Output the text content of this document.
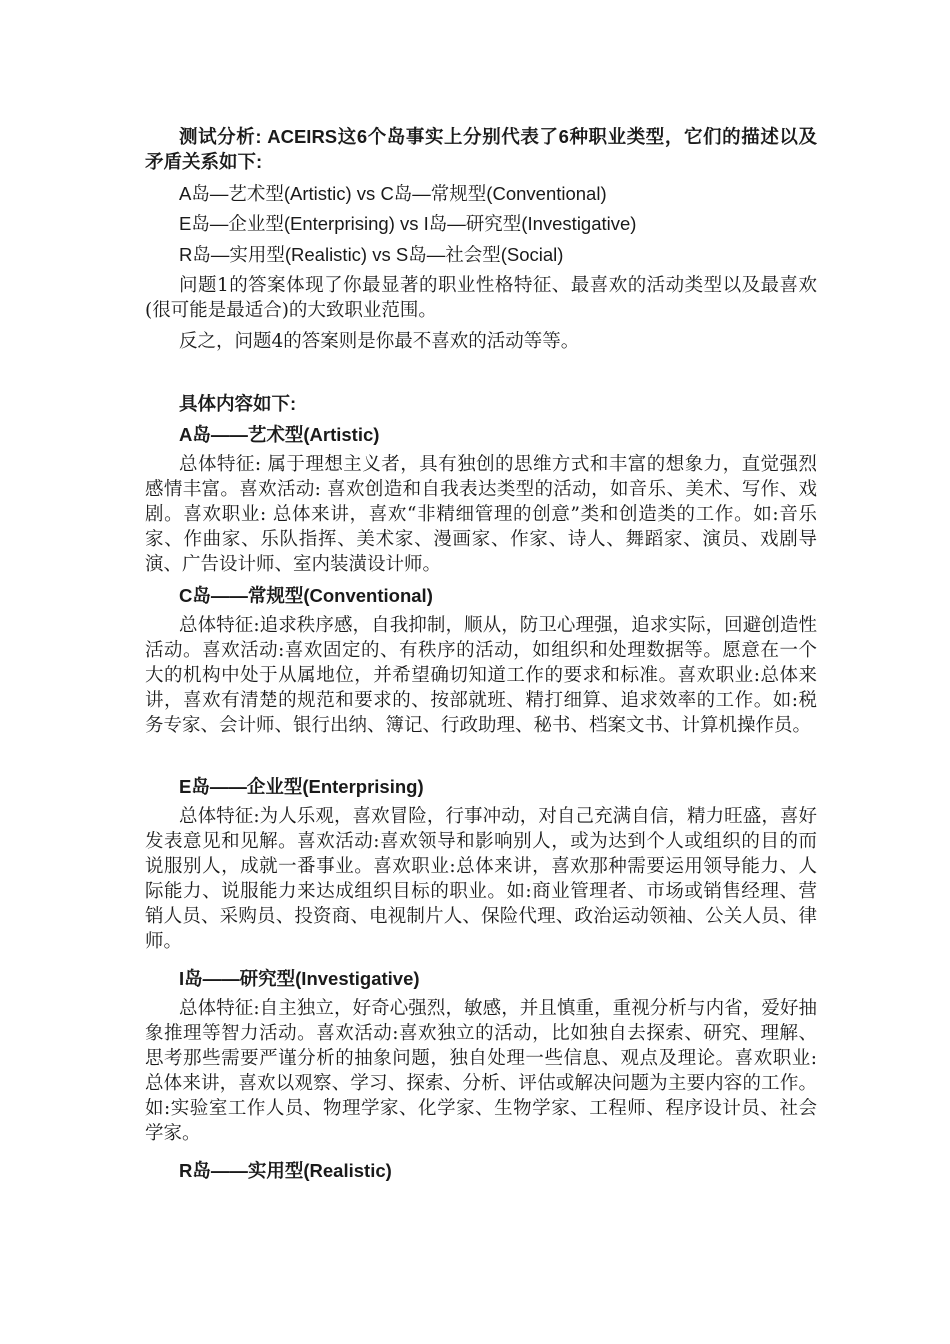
测试分析: ACEIRS这6个岛事实上分别代表了6种职业类型，它们的描述以及矛盾关系如下:

A岛—艺术型(Artistic) vs C岛—常规型(Conventional)

E岛—企业型(Enterprising) vs I岛—研究型(Investigative)

R岛—实用型(Realistic) vs S岛—社会型(Social)

问题1的答案体现了你最显著的职业性格特征、最喜欢的活动类型以及最喜欢(很可能是最适合)的大致职业范围。

反之，问题4的答案则是你最不喜欢的活动等等。

具体内容如下:

A岛——艺术型(Artistic)

总体特征: 属于理想主义者，具有独创的思维方式和丰富的想象力，直觉强烈感情丰富。喜欢活动: 喜欢创造和自我表达类型的活动，如音乐、美术、写作、戏剧。喜欢职业: 总体来讲，喜欢“非精细管理的创意”类和创造类的工作。如:音乐家、作曲家、乐队指挥、美术家、漫画家、作家、诗人、舞蹈家、演员、戏剧导演、广告设计师、室内装潢设计师。

C岛——常规型(Conventional)

总体特征:追求秩序感，自我抑制，顺从，防卫心理强，追求实际，回避创造性活动。喜欢活动:喜欢固定的、有秩序的活动，如组织和处理数据等。愿意在一个大的机构中处于从属地位，并希望确切知道工作的要求和标准。喜欢职业:总体来讲，喜欢有清楚的规范和要求的、按部就班、精打细算、追求效率的工作。如:税务专家、会计师、银行出纳、簿记、行政助理、秘书、档案文书、计算机操作员。

E岛——企业型(Enterprising)

总体特征:为人乐观，喜欢冒险，行事冲动，对自己充满自信，精力旺盛，喜好发表意见和见解。喜欢活动:喜欢领导和影响别人，或为达到个人或组织的目的而说服别人，成就一番事业。喜欢职业:总体来讲，喜欢那种需要运用领导能力、人际能力、说服能力来达成组织目标的职业。如:商业管理者、市场或销售经理、营销人员、采购员、投资商、电视制片人、保险代理、政治运动领袖、公关人员、律师。

I岛——研究型(Investigative)

总体特征:自主独立，好奇心强烈，敏感，并且慎重，重视分析与内省，爱好抽象推理等智力活动。喜欢活动:喜欢独立的活动，比如独自去探索、研究、理解、思考那些需要严谨分析的抽象问题，独自处理一些信息、观点及理论。喜欢职业:总体来讲，喜欢以观察、学习、探索、分析、评估或解决问题为主要内容的工作。如:实验室工作人员、物理学家、化学家、生物学家、工程师、程序设计员、社会学家。

R岛——实用型(Realistic)
